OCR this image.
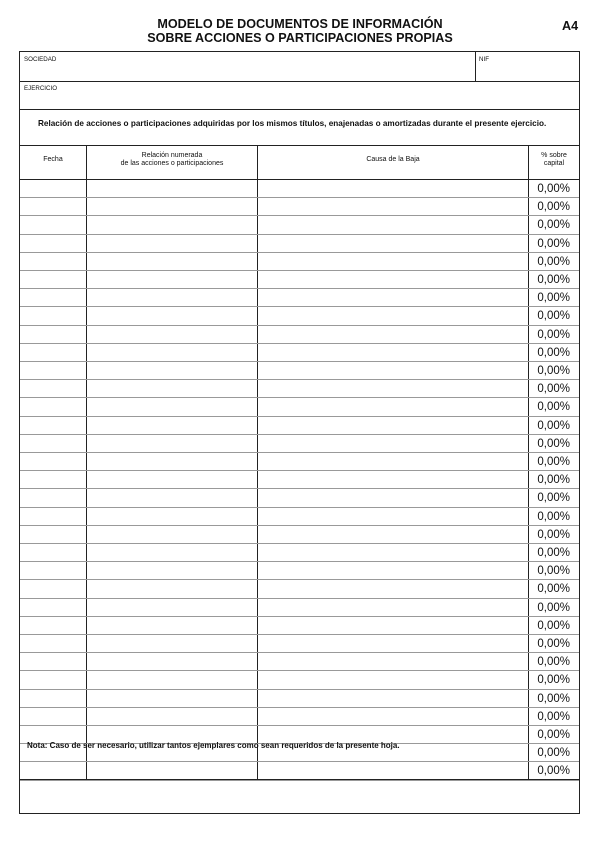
MODELO DE DOCUMENTOS DE INFORMACIÓN
SOBRE ACCIONES O PARTICIPACIONES PROPIAS
A4
SOCIEDAD	NIF
EJERCICIO
Relación de acciones o participaciones adquiridas por los mismos títulos, enajenadas o amortizadas durante el presente ejercicio.
Fecha
Relación numerada
de las acciones o participaciones
Causa de la Baja
% sobre
capital
0,00%
0,00%
0,00%
0,00%
0,00%
0,00%
0,00%
0,00%
0,00%
0,00%
0,00%
0,00%
0,00%
0,00%
0,00%
0,00%
0,00%
0,00%
0,00%
0,00%
0,00%
0,00%
0,00%
0,00%
0,00%
0,00%
0,00%
0,00%
0,00%
0,00%
0,00%
0,00%
0,00%
Nota: Caso de ser necesario, utilizar tantos ejemplares como sean requeridos de la presente hoja.
